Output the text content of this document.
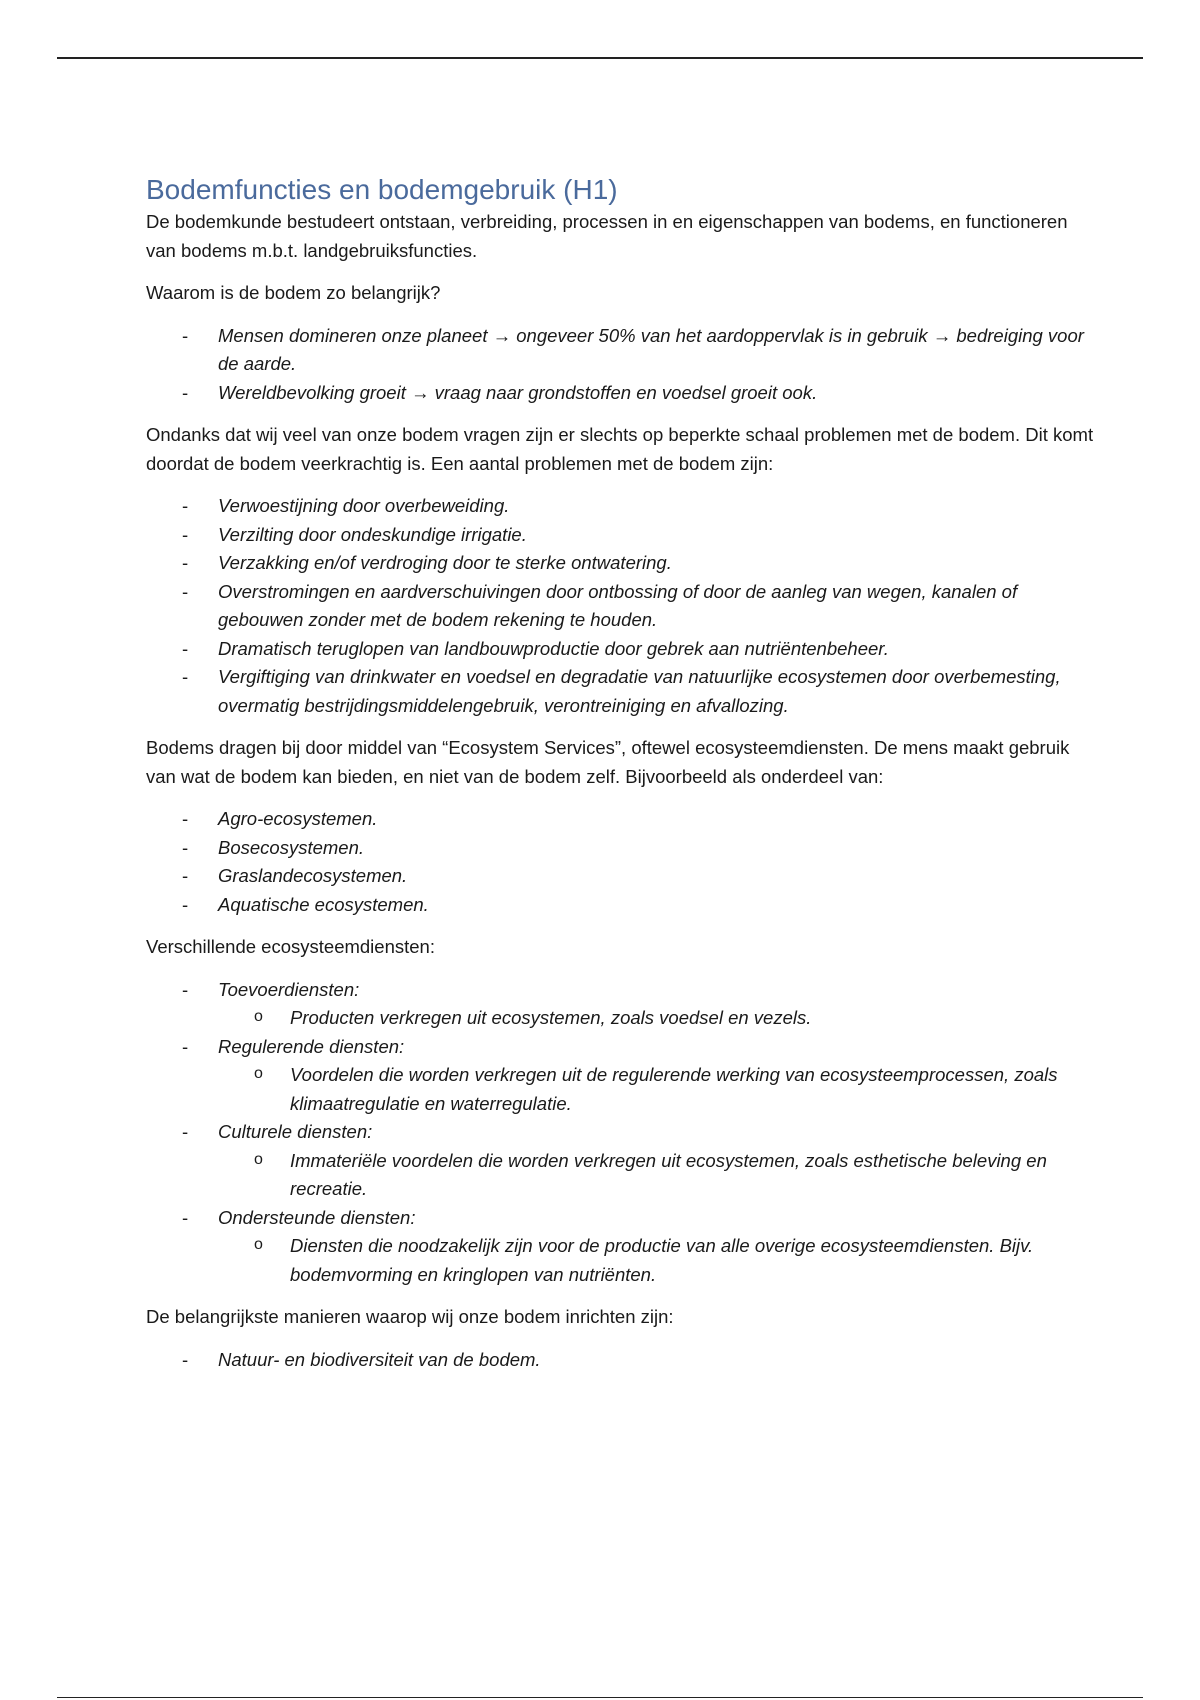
Bodemfuncties en bodemgebruik (H1)

De bodemkunde bestudeert ontstaan, verbreiding, processen in en eigenschappen van bodems, en functioneren van bodems m.b.t. landgebruiksfuncties.

Waarom is de bodem zo belangrijk?

- Mensen domineren onze planeet → ongeveer 50% van het aardoppervlak is in gebruik → bedreiging voor de aarde.
- Wereldbevolking groeit → vraag naar grondstoffen en voedsel groeit ook.

Ondanks dat wij veel van onze bodem vragen zijn er slechts op beperkte schaal problemen met de bodem. Dit komt doordat de bodem veerkrachtig is. Een aantal problemen met de bodem zijn:

- Verwoestijning door overbeweiding.
- Verzilting door ondeskundige irrigatie.
- Verzakking en/of verdroging door te sterke ontwatering.
- Overstromingen en aardverschuivingen door ontbossing of door de aanleg van wegen, kanalen of gebouwen zonder met de bodem rekening te houden.
- Dramatisch teruglopen van landbouwproductie door gebrek aan nutriëntenbeheer.
- Vergiftiging van drinkwater en voedsel en degradatie van natuurlijke ecosystemen door overbemesting, overmatig bestrijdingsmiddelengebruik, verontreiniging en afvallozing.

Bodems dragen bij door middel van “Ecosystem Services”, oftewel ecosysteemdiensten. De mens maakt gebruik van wat de bodem kan bieden, en niet van de bodem zelf. Bijvoorbeeld als onderdeel van:

- Agro-ecosystemen.
- Bosecosystemen.
- Graslandecosystemen.
- Aquatische ecosystemen.

Verschillende ecosysteemdiensten:

- Toevoerdiensten:
o Producten verkregen uit ecosystemen, zoals voedsel en vezels.
- Regulerende diensten:
o Voordelen die worden verkregen uit de regulerende werking van ecosysteemprocessen, zoals klimaatregulatie en waterregulatie.
- Culturele diensten:
o Immateriële voordelen die worden verkregen uit ecosystemen, zoals esthetische beleving en recreatie.
- Ondersteunde diensten:
o Diensten die noodzakelijk zijn voor de productie van alle overige ecosysteemdiensten. Bijv. bodemvorming en kringlopen van nutriënten.

De belangrijkste manieren waarop wij onze bodem inrichten zijn:

- Natuur- en biodiversiteit van de bodem.
